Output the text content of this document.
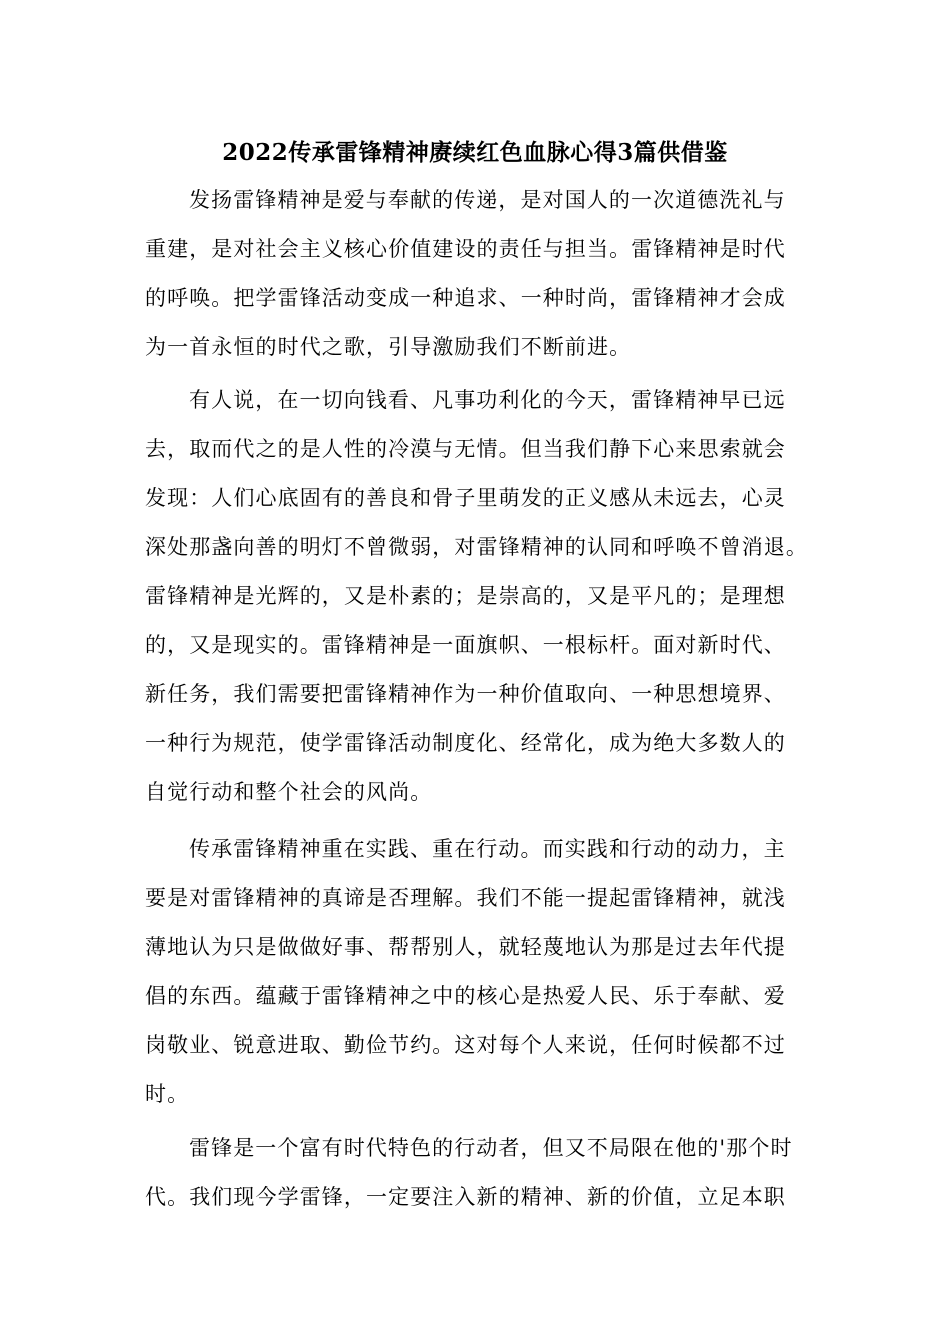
2022传承雷锋精神赓续红色血脉心得3篇供借鉴
发扬雷锋精神是爱与奉献的传递，是对国人的一次道德洗礼与
重建，是对社会主义核心价值建设的责任与担当。雷锋精神是时代
的呼唤。把学雷锋活动变成一种追求、一种时尚，雷锋精神才会成
为一首永恒的时代之歌，引导激励我们不断前进。
有人说，在一切向钱看、凡事功利化的今天，雷锋精神早已远
去，取而代之的是人性的冷漠与无情。但当我们静下心来思索就会
发现：人们心底固有的善良和骨子里萌发的正义感从未远去，心灵
深处那盏向善的明灯不曾微弱，对雷锋精神的认同和呼唤不曾消退。
雷锋精神是光辉的，又是朴素的；是崇高的，又是平凡的；是理想
的，又是现实的。雷锋精神是一面旗帜、一根标杆。面对新时代、
新任务，我们需要把雷锋精神作为一种价值取向、一种思想境界、
一种行为规范，使学雷锋活动制度化、经常化，成为绝大多数人的
自觉行动和整个社会的风尚。
传承雷锋精神重在实践、重在行动。而实践和行动的动力，主
要是对雷锋精神的真谛是否理解。我们不能一提起雷锋精神，就浅
薄地认为只是做做好事、帮帮别人，就轻蔑地认为那是过去年代提
倡的东西。蕴藏于雷锋精神之中的核心是热爱人民、乐于奉献、爱
岗敬业、锐意进取、勤俭节约。这对每个人来说，任何时候都不过
时。
雷锋是一个富有时代特色的行动者，但又不局限在他的'那个时
代。我们现今学雷锋，一定要注入新的精神、新的价值，立足本职
